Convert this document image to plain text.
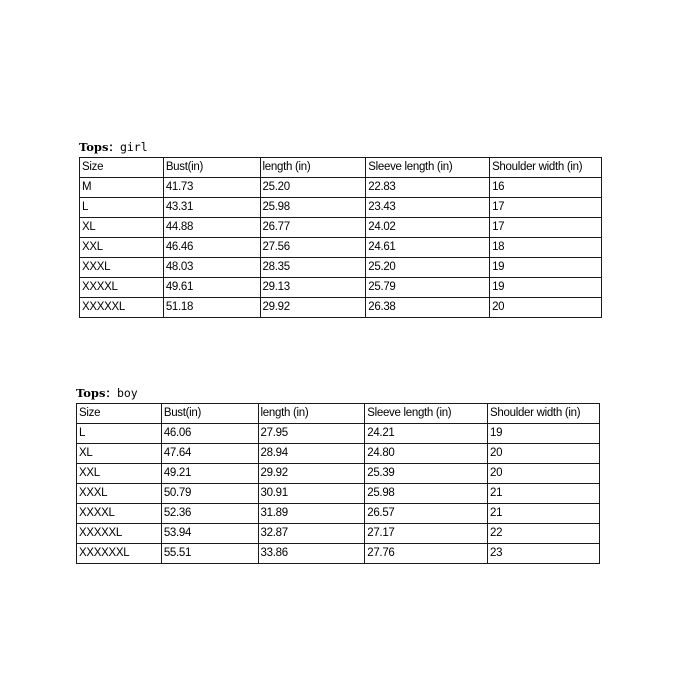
Tops：girl
Size	Bust(in)	length (in)	Sleeve length (in)	Shoulder width (in)
M	41.73	25.20	22.83	16
L	43.31	25.98	23.43	17
XL	44.88	26.77	24.02	17
XXL	46.46	27.56	24.61	18
XXXL	48.03	28.35	25.20	19
XXXXL	49.61	29.13	25.79	19
XXXXXL	51.18	29.92	26.38	20
Tops：boy
Size	Bust(in)	length (in)	Sleeve length (in)	Shoulder width (in)
L	46.06	27.95	24.21	19
XL	47.64	28.94	24.80	20
XXL	49.21	29.92	25.39	20
XXXL	50.79	30.91	25.98	21
XXXXL	52.36	31.89	26.57	21
XXXXXL	53.94	32.87	27.17	22
XXXXXXL	55.51	33.86	27.76	23
